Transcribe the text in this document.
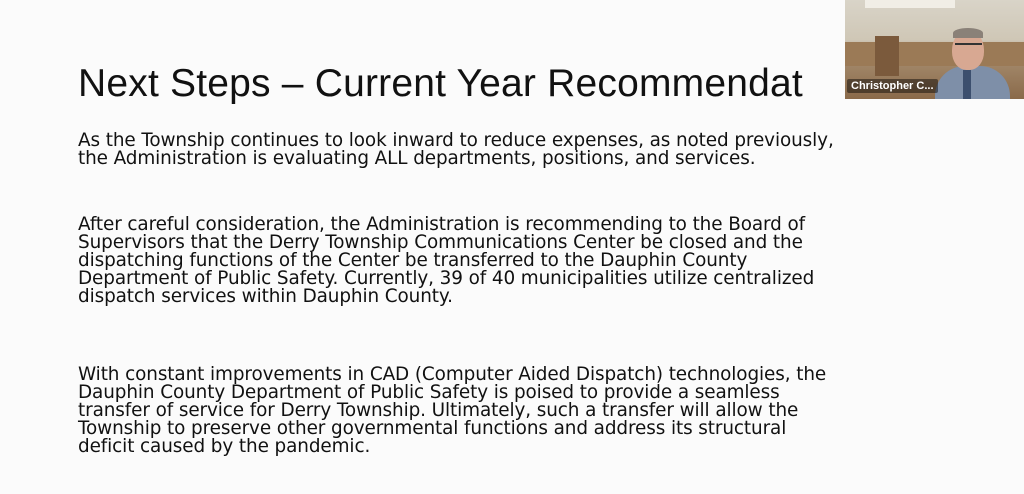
Next Steps – Current Year Recommendat

As the Township continues to look inward to reduce expenses, as noted previously,
the Administration is evaluating ALL departments, positions, and services.

After careful consideration, the Administration is recommending to the Board of
Supervisors that the Derry Township Communications Center be closed and the
dispatching functions of the Center be transferred to the Dauphin County
Department of Public Safety. Currently, 39 of 40 municipalities utilize centralized
dispatch services within Dauphin County.

With constant improvements in CAD (Computer Aided Dispatch) technologies, the
Dauphin County Department of Public Safety is poised to provide a seamless
transfer of service for Derry Township. Ultimately, such a transfer will allow the
Township to preserve other governmental functions and address its structural
deficit caused by the pandemic.

Christopher C...
